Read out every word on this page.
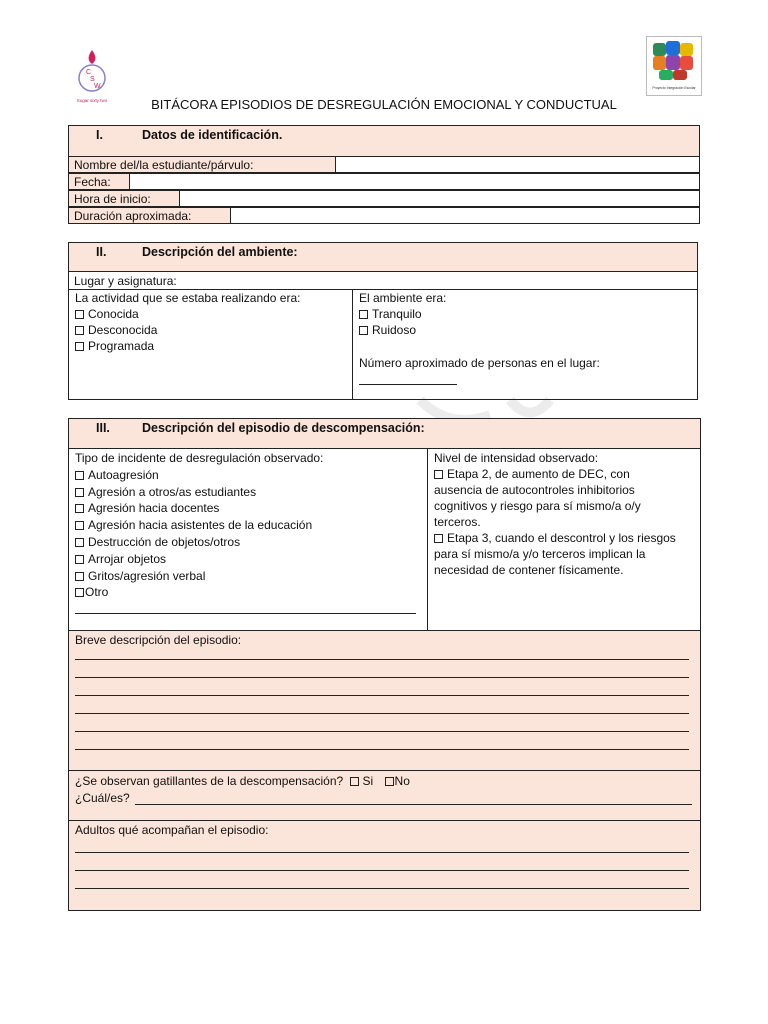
C
S
W
Sugar sixty two
Proyecto Integración Escolar
BITÁCORA EPISODIOS DE DESREGULACIÓN EMOCIONAL Y CONDUCTUAL
I.	Datos de identificación.
Nombre del/la estudiante/párvulo:
Fecha:
Hora de inicio:
Duración aproximada:
II.	Descripción del ambiente:
Lugar y asignatura:
La actividad que se estaba realizando era:
Conocida
Desconocida
Programada
El ambiente era:
Tranquilo
Ruidoso
Número aproximado de personas en el lugar:
III.	Descripción del episodio de descompensación:
Tipo de incidente de desregulación observado:
Autoagresión
Agresión a otros/as estudiantes
Agresión hacia docentes
Agresión hacia asistentes de la educación
Destrucción de objetos/otros
Arrojar objetos
Gritos/agresión verbal
Otro
Nivel de intensidad observado:
Etapa 2, de aumento de DEC, con
ausencia de autocontroles inhibitorios
cognitivos y riesgo para sí mismo/a o/y
terceros.
Etapa 3, cuando el descontrol y los riesgos
para sí mismo/a y/o terceros implican la
necesidad de contener físicamente.
Breve descripción del episodio:
¿Se observan gatillantes de la descompensación? Si No
¿Cuál/es?
Adultos qué acompañan el episodio:
